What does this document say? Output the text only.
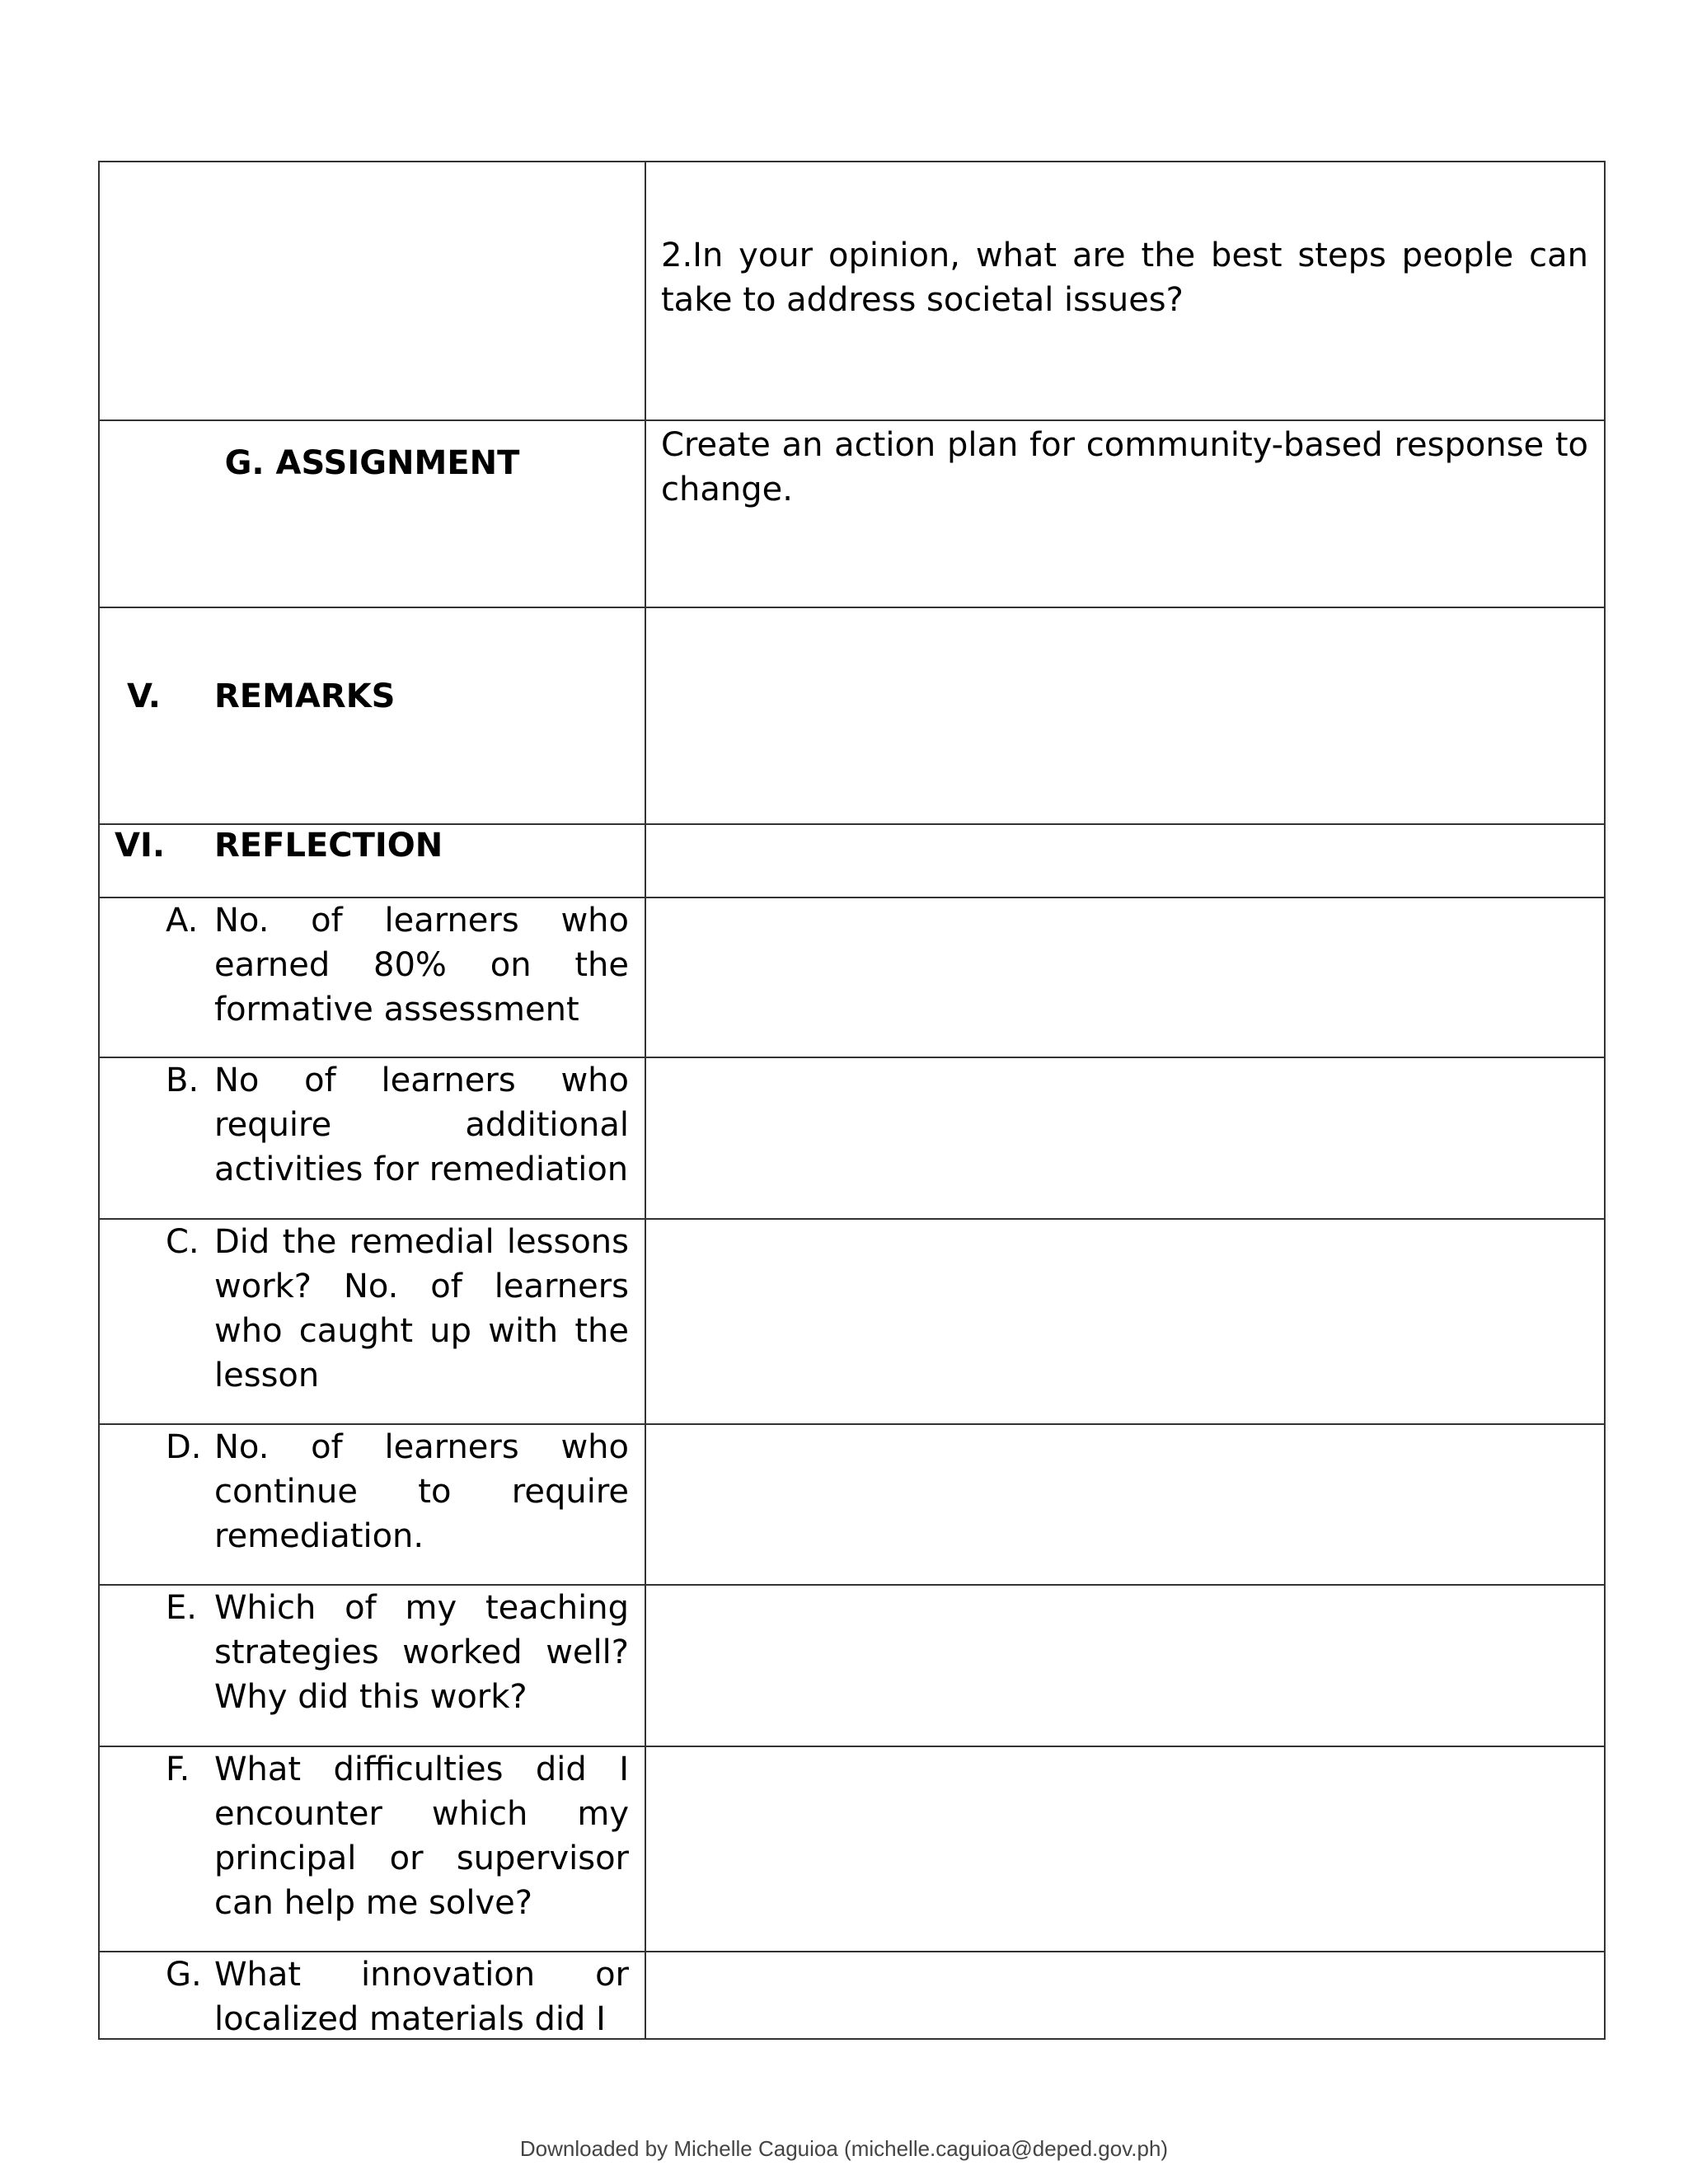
	2.In your opinion, what are the best steps people can take to address societal issues?

G. ASSIGNMENT	Create an action plan for community-based response to change.

V. REMARKS	

VI. REFLECTION	

A. No. of learners who earned 80% on the formative assessment	

B. No of learners who require additional activities for remediation	

C. Did the remedial lessons work? No. of learners who caught up with the lesson	

D. No. of learners who continue to require remediation.	

E. Which of my teaching strategies worked well? Why did this work?	

F. What difficulties did I encounter which my principal or supervisor can help me solve?	

G. What innovation or localized materials did I	

Downloaded by Michelle Caguioa (michelle.caguioa@deped.gov.ph)
